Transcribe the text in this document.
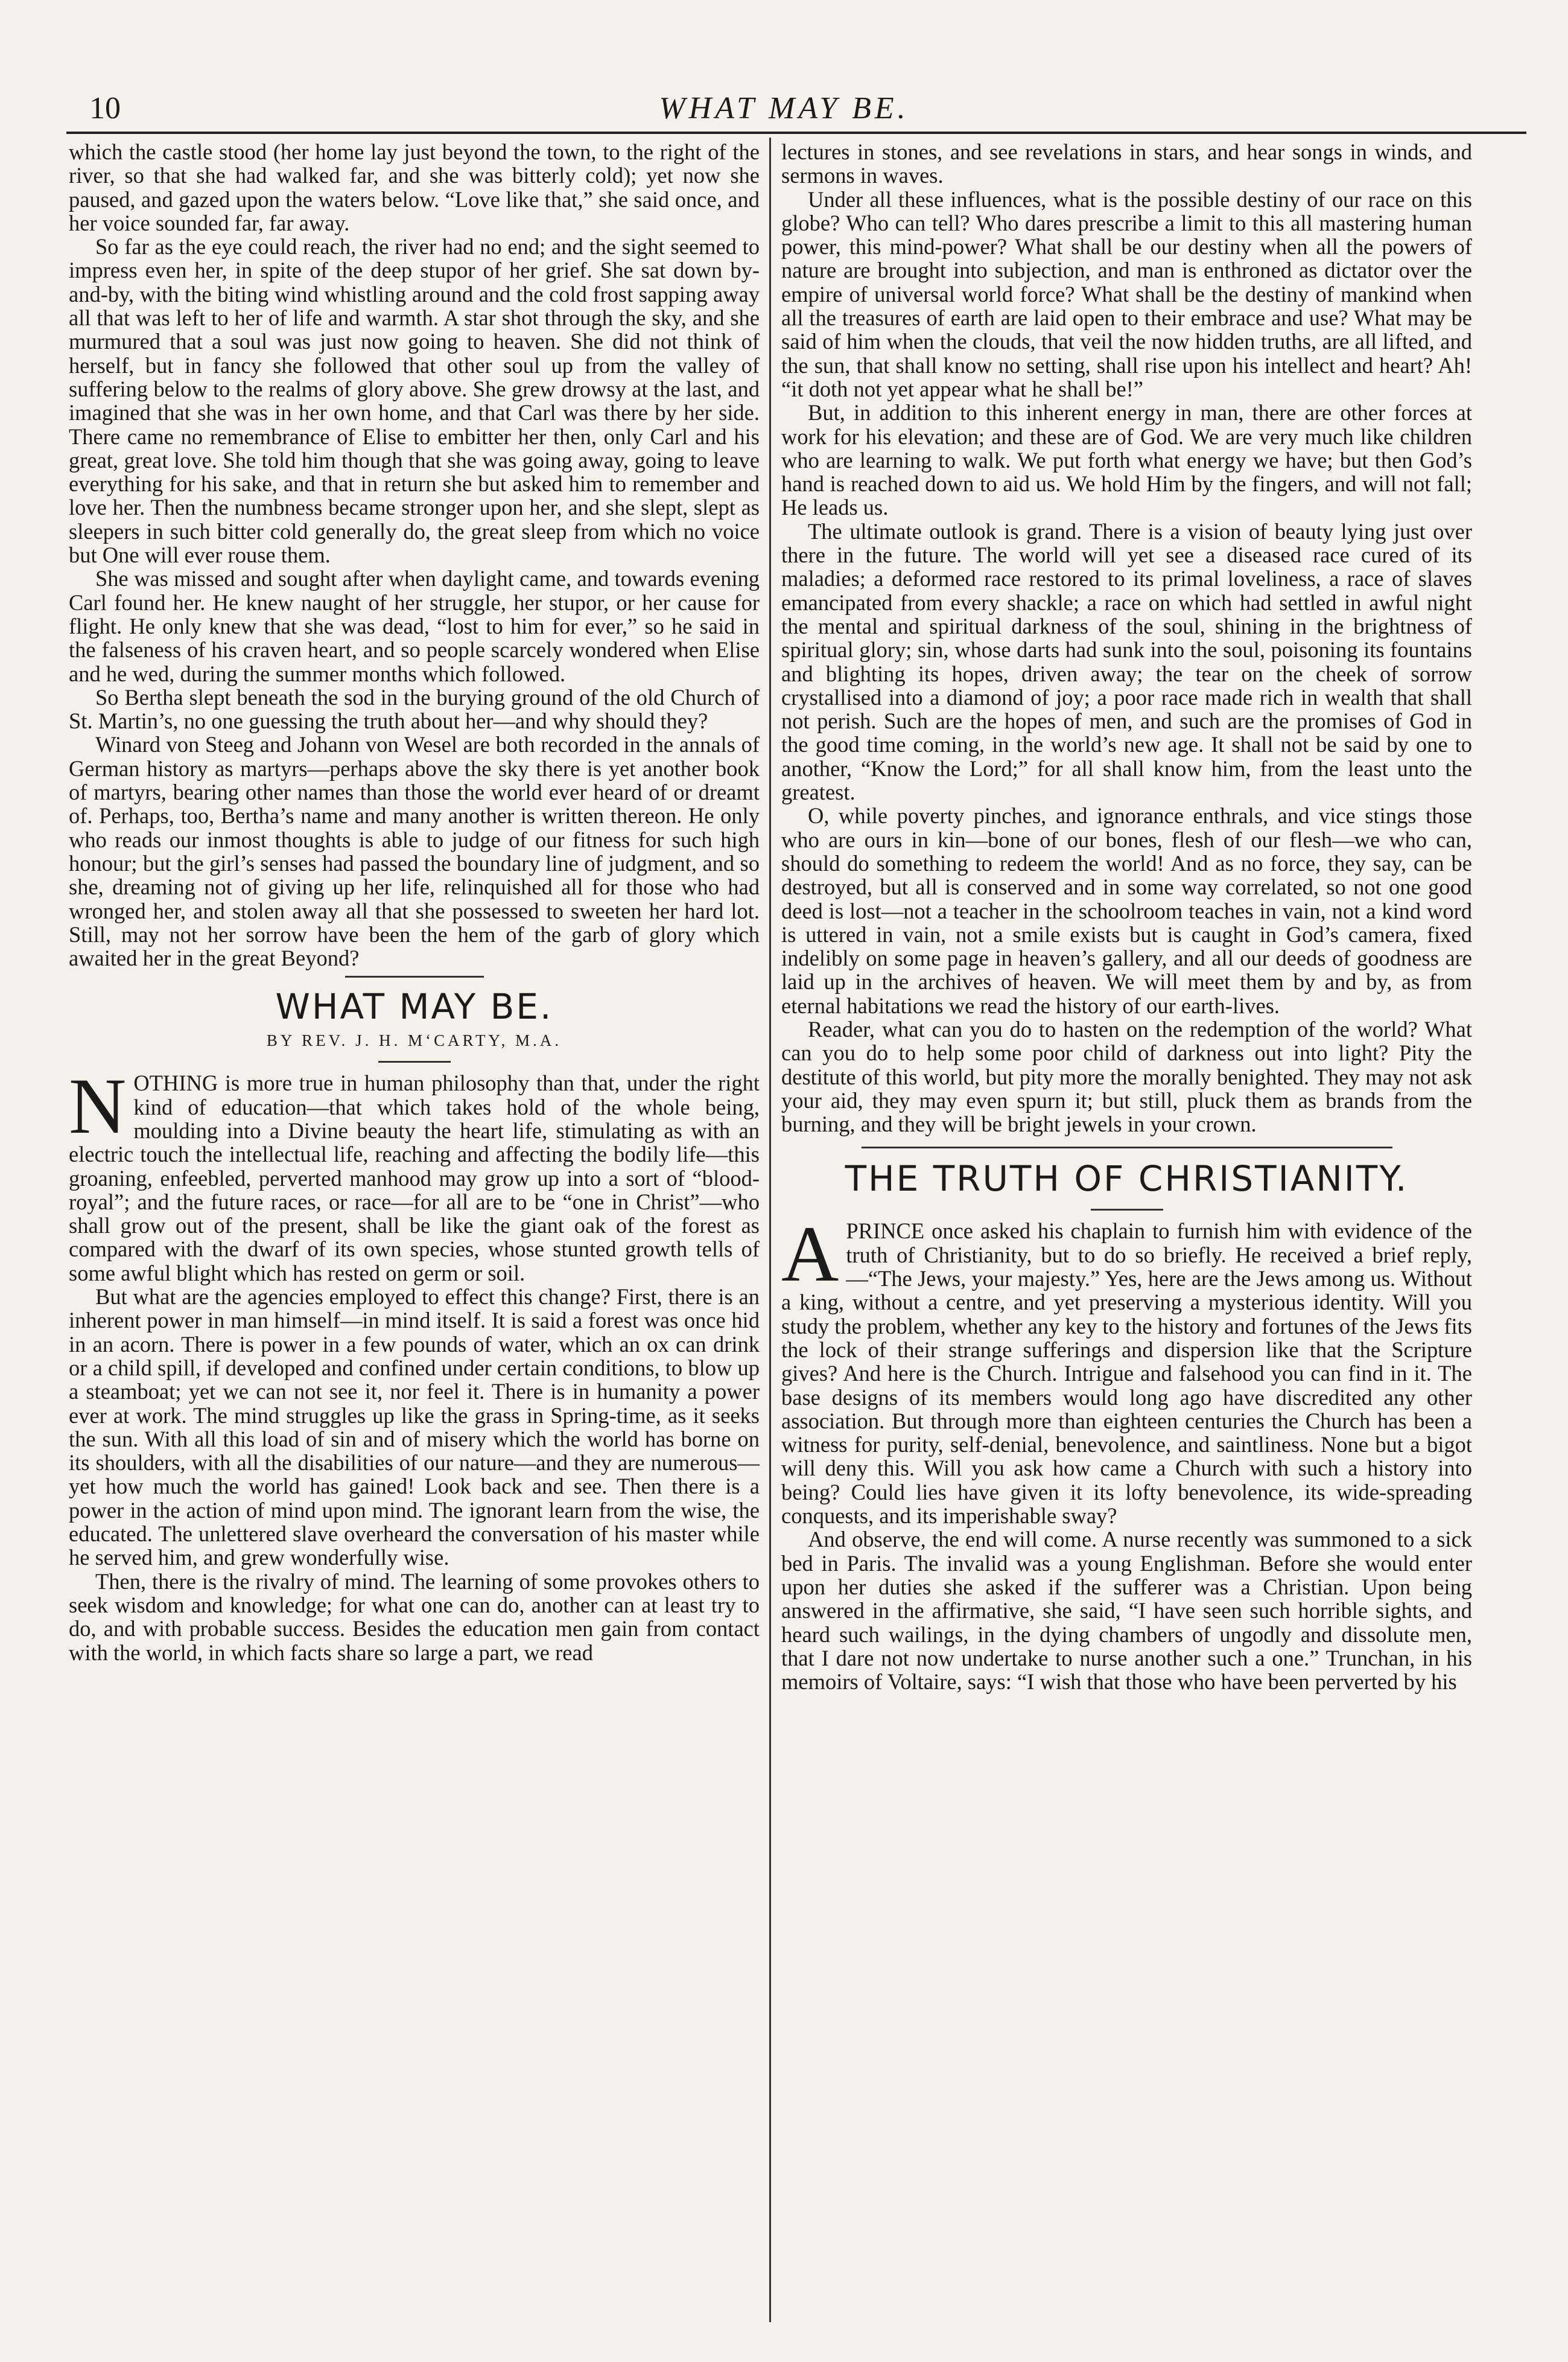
10	WHAT MAY BE.

which the castle stood (her home lay just beyond the town, to the right of the river, so that she had walked far, and she was bitterly cold); yet now she paused, and gazed upon the waters below. “Love like that,” she said once, and her voice sounded far, far away.

So far as the eye could reach, the river had no end; and the sight seemed to impress even her, in spite of the deep stupor of her grief. She sat down by-and-by, with the biting wind whistling around and the cold frost sapping away all that was left to her of life and warmth. A star shot through the sky, and she murmured that a soul was just now going to heaven. She did not think of herself, but in fancy she followed that other soul up from the valley of suffering below to the realms of glory above. She grew drowsy at the last, and imagined that she was in her own home, and that Carl was there by her side. There came no remembrance of Elise to embitter her then, only Carl and his great, great love. She told him though that she was going away, going to leave everything for his sake, and that in return she but asked him to remember and love her. Then the numbness became stronger upon her, and she slept, slept as sleepers in such bitter cold generally do, the great sleep from which no voice but One will ever rouse them.

She was missed and sought after when daylight came, and towards evening Carl found her. He knew naught of her struggle, her stupor, or her cause for flight. He only knew that she was dead, “lost to him for ever,” so he said in the falseness of his craven heart, and so people scarcely wondered when Elise and he wed, during the summer months which followed.

So Bertha slept beneath the sod in the burying ground of the old Church of St. Martin’s, no one guessing the truth about her—and why should they?

Winard von Steeg and Johann von Wesel are both recorded in the annals of German history as martyrs—perhaps above the sky there is yet another book of martyrs, bearing other names than those the world ever heard of or dreamt of. Perhaps, too, Bertha’s name and many another is written thereon. He only who reads our inmost thoughts is able to judge of our fitness for such high honour; but the girl’s senses had passed the boundary line of judgment, and so she, dreaming not of giving up her life, relinquished all for those who had wronged her, and stolen away all that she possessed to sweeten her hard lot. Still, may not her sorrow have been the hem of the garb of glory which awaited her in the great Beyond?

WHAT MAY BE.
BY REV. J. H. M‘CARTY, M.A.

NOTHING is more true in human philosophy than that, under the right kind of education—that which takes hold of the whole being, moulding into a Divine beauty the heart life, stimulating as with an electric touch the intellectual life, reaching and affecting the bodily life—this groaning, enfeebled, perverted manhood may grow up into a sort of “blood-royal”; and the future races, or race—for all are to be “one in Christ”—who shall grow out of the present, shall be like the giant oak of the forest as compared with the dwarf of its own species, whose stunted growth tells of some awful blight which has rested on germ or soil.

But what are the agencies employed to effect this change? First, there is an inherent power in man himself—in mind itself. It is said a forest was once hid in an acorn. There is power in a few pounds of water, which an ox can drink or a child spill, if developed and confined under certain conditions, to blow up a steamboat; yet we can not see it, nor feel it. There is in humanity a power ever at work. The mind struggles up like the grass in Spring-time, as it seeks the sun. With all this load of sin and of misery which the world has borne on its shoulders, with all the disabilities of our nature—and they are numerous—yet how much the world has gained! Look back and see. Then there is a power in the action of mind upon mind. The ignorant learn from the wise, the educated. The unlettered slave overheard the conversation of his master while he served him, and grew wonderfully wise.

Then, there is the rivalry of mind. The learning of some provokes others to seek wisdom and knowledge; for what one can do, another can at least try to do, and with probable success. Besides the education men gain from contact with the world, in which facts share so large a part, we read

lectures in stones, and see revelations in stars, and hear songs in winds, and sermons in waves.

Under all these influences, what is the possible destiny of our race on this globe? Who can tell? Who dares prescribe a limit to this all mastering human power, this mind-power? What shall be our destiny when all the powers of nature are brought into subjection, and man is enthroned as dictator over the empire of universal world force? What shall be the destiny of mankind when all the treasures of earth are laid open to their embrace and use? What may be said of him when the clouds, that veil the now hidden truths, are all lifted, and the sun, that shall know no setting, shall rise upon his intellect and heart? Ah! “it doth not yet appear what he shall be!”

But, in addition to this inherent energy in man, there are other forces at work for his elevation; and these are of God. We are very much like children who are learning to walk. We put forth what energy we have; but then God’s hand is reached down to aid us. We hold Him by the fingers, and will not fall; He leads us.

The ultimate outlook is grand. There is a vision of beauty lying just over there in the future. The world will yet see a diseased race cured of its maladies; a deformed race restored to its primal loveliness, a race of slaves emancipated from every shackle; a race on which had settled in awful night the mental and spiritual darkness of the soul, shining in the brightness of spiritual glory; sin, whose darts had sunk into the soul, poisoning its fountains and blighting its hopes, driven away; the tear on the cheek of sorrow crystallised into a diamond of joy; a poor race made rich in wealth that shall not perish. Such are the hopes of men, and such are the promises of God in the good time coming, in the world’s new age. It shall not be said by one to another, “Know the Lord;” for all shall know him, from the least unto the greatest.

O, while poverty pinches, and ignorance enthrals, and vice stings those who are ours in kin—bone of our bones, flesh of our flesh—we who can, should do something to redeem the world! And as no force, they say, can be destroyed, but all is conserved and in some way correlated, so not one good deed is lost—not a teacher in the schoolroom teaches in vain, not a kind word is uttered in vain, not a smile exists but is caught in God’s camera, fixed indelibly on some page in heaven’s gallery, and all our deeds of goodness are laid up in the archives of heaven. We will meet them by and by, as from eternal habitations we read the history of our earth-lives.

Reader, what can you do to hasten on the redemption of the world? What can you do to help some poor child of darkness out into light? Pity the destitute of this world, but pity more the morally benighted. They may not ask your aid, they may even spurn it; but still, pluck them as brands from the burning, and they will be bright jewels in your crown.

THE TRUTH OF CHRISTIANITY.

APRINCE once asked his chaplain to furnish him with evidence of the truth of Christianity, but to do so briefly. He received a brief reply,—“The Jews, your majesty.” Yes, here are the Jews among us. Without a king, without a centre, and yet preserving a mysterious identity. Will you study the problem, whether any key to the history and fortunes of the Jews fits the lock of their strange sufferings and dispersion like that the Scripture gives? And here is the Church. Intrigue and falsehood you can find in it. The base designs of its members would long ago have discredited any other association. But through more than eighteen centuries the Church has been a witness for purity, self-denial, benevolence, and saintliness. None but a bigot will deny this. Will you ask how came a Church with such a history into being? Could lies have given it its lofty benevolence, its wide-spreading conquests, and its imperishable sway?

And observe, the end will come. A nurse recently was summoned to a sick bed in Paris. The invalid was a young Englishman. Before she would enter upon her duties she asked if the sufferer was a Christian. Upon being answered in the affirmative, she said, “I have seen such horrible sights, and heard such wailings, in the dying chambers of ungodly and dissolute men, that I dare not now undertake to nurse another such a one.” Trunchan, in his memoirs of Voltaire, says: “I wish that those who have been perverted by his
